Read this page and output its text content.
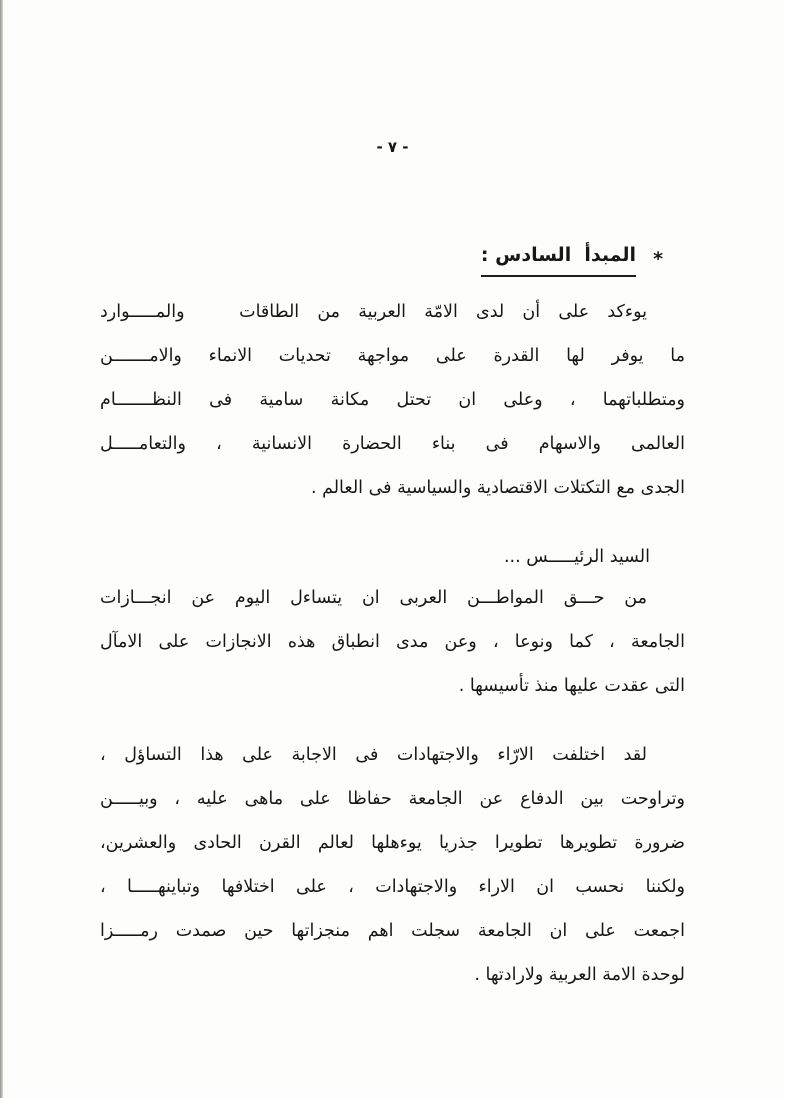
- ٧ -
*
المبدأ  السادس :
يوءكد على أن لدى الامّة العربية من الطاقات   والمـــــوارد
ما يوفر لها القدرة على مواجهة تحديات الانماء والامـــــــن
ومتطلباتهما ، وعلى ان تحتل مكانة سامية فى النظـــــــام
العالمى والاسهام فى بناء الحضارة الانسانية ، والتعامـــــل
الجدى مع التكتلات الاقتصادية والسياسية فى العالم .
السيد الرئيـــــس ...
من حـــق المواطـــن العربى ان يتساءل اليوم عن انجـــازات
الجامعة ، كما ونوعا ، وعن مدى انطباق هذه الانجازات على الامآل
التى عقدت عليها منذ تأسيسها .
لقد اختلفت الارّاء والاجتهادات فى الاجابة على هذا التساؤل ،
وتراوحت بين الدفاع عن الجامعة حفاظا على ماهى عليه ، وبيـــــن
ضرورة تطويرها تطويرا جذريا يوءهلها لعالم القرن الحادى والعشرين،
ولكننا نحسب ان الاراء والاجتهادات ، على اختلافها وتباينهـــــا ،
اجمعت على ان الجامعة سجلت اهم منجزاتها حين صمدت رمـــــزا
لوحدة الامة العربية ولارادتها .
